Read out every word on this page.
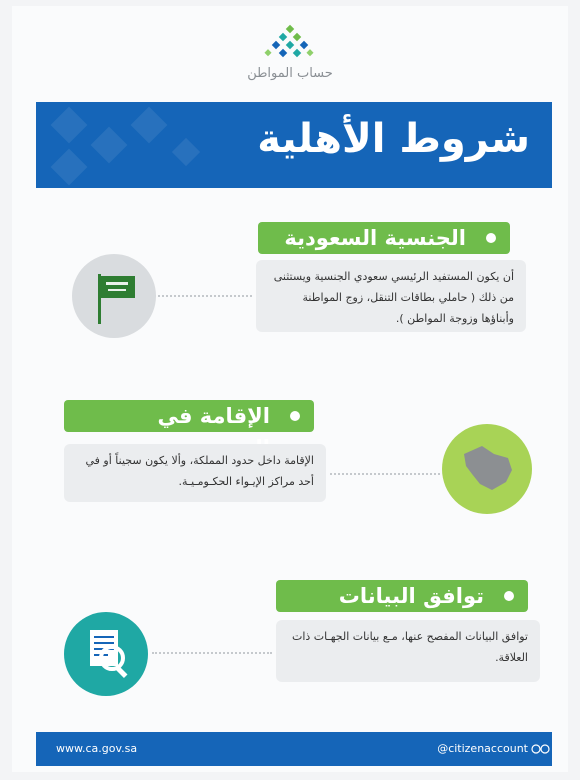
حساب المواطن
شروط الأهلية
الجنسية السعودية
أن يكون المستفيد الرئيسي سعودي الجنسية ويستثنى من ذلك ( حاملي بطاقات التنقل، زوج المواطنة وأبناؤها وزوجة المواطن ).
الإقامة في
الإقامة داخل حدود المملكة، وألا يكون سجيناً أو في أحد مراكز الإيـواء الحكـومـيـة.
توافق البيانات
توافق البيانات المفصح عنها، مـع بيانات الجهـات ذات العلاقة.
www.ca.gov.sa	@citizenaccount
